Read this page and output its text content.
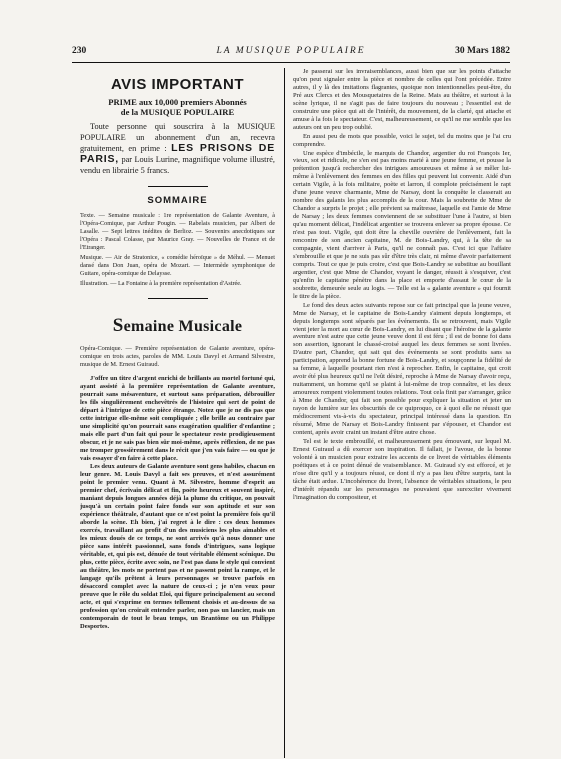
230	LA MUSIQUE POPULAIRE	30 Mars 1882
AVIS IMPORTANT
PRIME aux 10,000 premiers Abonnés
de la MUSIQUE POPULAIRE
Toute personne qui souscrira à la MUSIQUE POPULAIRE un abonnement d'un an, recevra gratuitement, en prime : LES PRISONS DE PARIS, par Louis Lurine, magnifique volume illustré, vendu en librairie 5 francs.
SOMMAIRE

Texte. — Semaine musicale : 1re représentation de Galante Aventure, à l'Opéra-Comique, par Arthur Pougin. — Rabelais musicien, par Albert de Lasalle. — Sept lettres inédites de Berlioz. — Souvenirs anecdotiques sur l'Opéra : Pascal Colasse, par Maurice Gray. — Nouvelles de France et de l'Etranger.

Musique. — Air de Stratonice, « comédie héroïque » de Méhul. — Menuet dansé dans Don Juan, opéra de Mozart. — Intermède symphonique de Guitare, opéra-comique de Delaysse.

Illustration. — La Fontaine à la première représentation d'Astrée.

Semaine Musicale
Opéra-Comique. — Première représentation de Galante aventure, opéra-comique en trois actes, paroles de MM. Louis Davyl et Armand Silvestre, musique de M. Ernest Guiraud.

J'offre un titre d'argent enrichi de brillants au mortel fortuné qui, ayant assisté à la première représentation de Galante aventure, pourrait sans mésaventure, et surtout sans préparation, débrouiller les fils singulièrement enchevêtrés de l'histoire qui sert de point de départ à l'intrigue de cette pièce étrange. Notez que je ne dis pas que cette intrigue elle-même soit compliquée ; elle brille au contraire par une simplicité qu'on pourrait sans exagération qualifier d'enfantine ; mais elle part d'un fait qui pour le spectateur reste prodigieusement obscur, et je ne sais pas bien sûr moi-même, après réflexion, de ne pas me tromper grossièrement dans le récit que j'en vais faire — ou que je vais essayer d'en faire à cette place.

Les deux auteurs de Galante aventure sont gens habiles, chacun en leur genre. M. Louis Davyl a fait ses preuves, et n'est assurément point le premier venu. Quant à M. Silvestre, homme d'esprit au premier chef, écrivain délicat et fin, poète heureux et souvent inspiré, maniant depuis longues années déjà la plume du critique, on pouvait jusqu'à un certain point faire fonds sur son aptitude et sur son expérience théâtrale, d'autant que ce n'est point la première fois qu'il aborde la scène. Eh bien, j'ai regret à le dire : ces deux hommes exercés, travaillant au profit d'un des musiciens les plus aimables et les mieux doués de ce temps, ne sont arrivés qu'à nous donner une pièce sans intérêt passionnel, sans fonds d'intrigues, sans logique véritable, et, qui pis est, dénuée de tout véritable élément scénique. Du plus, cette pièce, écrite avec soin, ne l'est pas dans le style qui convient au théâtre, les mots ne portent pas et ne passent point la rampe, et le langage qu'ils prêtent à leurs personnages se trouve parfois en désaccord complet avec la nature de ceux-ci ; je n'en veux pour preuve que le rôle du soldat Eloi, qui figure principalement au second acte, et qui s'exprime en termes tellement choisis et au-dessus de sa profession qu'on croirait entendre parler, non pas un lancier, mais un contemporain de tout le beau temps, un Brantôme ou un Philippe Desportes.

Je passerai sur les invraisemblances, aussi bien que sur les points d'attache qu'on peut signaler entre la pièce et nombre de celles qui l'ont précédée. Entre autres, il y là des imitations flagrantes, quoique non intentionnelles peut-être, du Pré aux Clercs et des Mousquetaires de la Reine. Mais au théâtre, et surtout à la scène lyrique, il ne s'agit pas de faire toujours du nouveau ; l'essentiel est de construire une pièce qui ait de l'intérêt, du mouvement, de la clarté, qui attache et amuse à la fois le spectateur. C'est, malheureusement, ce qu'il ne me semble que les auteurs ont un peu trop oublié.

En aussi peu de mots que possible, voici le sujet, tel du moins que je l'ai cru comprendre.

Une espèce d'imbécile, le marquis de Chandor, argentier du roi François Ier, vieux, sot et ridicule, ne s'en est pas moins marié à une jeune femme, et pousse la prétention jusqu'à rechercher des intrigues amoureuses et même à se mêler lui-même à l'enlèvement des femmes en des filles qui peuvent lui convenir. Aidé d'un certain Vigile, à la fois militaire, poète et larron, il complote précisément le rapt d'une jeune veuve charmante, Mme de Narsay, dont la conquête le classerait au nombre des galants les plus accomplis de la cour. Mais la soubrette de Mme de Chandor a surpris le projet ; elle prévient sa maîtresse, laquelle est l'amie de Mme de Narsay ; les deux femmes conviennent de se substituer l'une à l'autre, si bien qu'au moment délicat, l'indélicat argentier se trouvera enlever sa propre épouse. Ce n'est pas tout. Vigile, qui doit être la cheville ouvrière de l'enlèvement, fait la rencontre de son ancien capitaine, M. de Bois-Landry, qui, à la tête de sa compagnie, vient d'arriver à Paris, qu'il ne connaît pas. C'est ici que l'affaire s'embrouille et que je ne suis pas sûr d'être très clair, ni même d'avoir parfaitement compris. Tout ce que je puis croire, c'est que Bois-Landry se substitue au bouillant argentier, c'est que Mme de Chandor, voyant le danger, réussit à s'esquiver, c'est qu'enfin le capitaine pénètre dans la place et emporte d'assaut le cœur de la soubrette, demeurée seule au logis. — Telle est la « galante aventure » qui fournit le titre de la pièce.

Le fond des deux actes suivants repose sur ce fait principal que la jeune veuve, Mme de Narsay, et le capitaine de Bois-Landry s'aiment depuis longtemps, et depuis longtemps sont séparés par les événements. Ils se retrouvent, mais Vigile vient jeter la mort au cœur de Bois-Landry, en lui disant que l'héroïne de la galante aventure n'est autre que cette jeune veuve dont il est féru ; il est de bonne foi dans son assertion, ignorant le chassé-croisé auquel les deux femmes se sont livrées. D'autre part, Chandor, qui sait qui des événements se sont produits sans sa participation, apprend la bonne fortune de Bois-Landry, et soupçonne la fidélité de sa femme, à laquelle pourtant rien n'est à reprocher. Enfin, le capitaine, qui croit avoir été plus heureux qu'il ne l'eût désiré, reproche à Mme de Narsay d'avoir reçu, nuitamment, un homme qu'il se plaint à lui-même de trop connaître, et les deux amoureux rompent violemment toutes relations. Tout cela finit par s'arranger, grâce à Mme de Chandor, qui fait son possible pour expliquer la situation et jeter un rayon de lumière sur les obscurités de ce quiproquo, ce à quoi elle ne réussit que médiocrement vis-à-vis du spectateur, principal intéressé dans la question. En résumé, Mme de Narsay et Bois-Landry finissent par s'épouser, et Chandor est content, après avoir craint un instant d'être autre chose.

Tel est le texte embrouillé, et malheureusement peu émouvant, sur lequel M. Ernest Guiraud a dû exercer son inspiration. Il fallait, je l'avoue, de la bonne volonté à un musicien pour extraire les accents de ce livret de véritables éléments poétiques et à ce point dénué de vraisemblance. M. Guiraud s'y est efforcé, et je n'ose dire qu'il y a toujours réussi, ce dont il n'y a pas lieu d'être surpris, tant la tâche était ardue. L'incohérence du livret, l'absence de véritables situations, le peu d'intérêt répandu sur les personnages ne pouvaient que surexciter vivement l'imagination du compositeur, et
